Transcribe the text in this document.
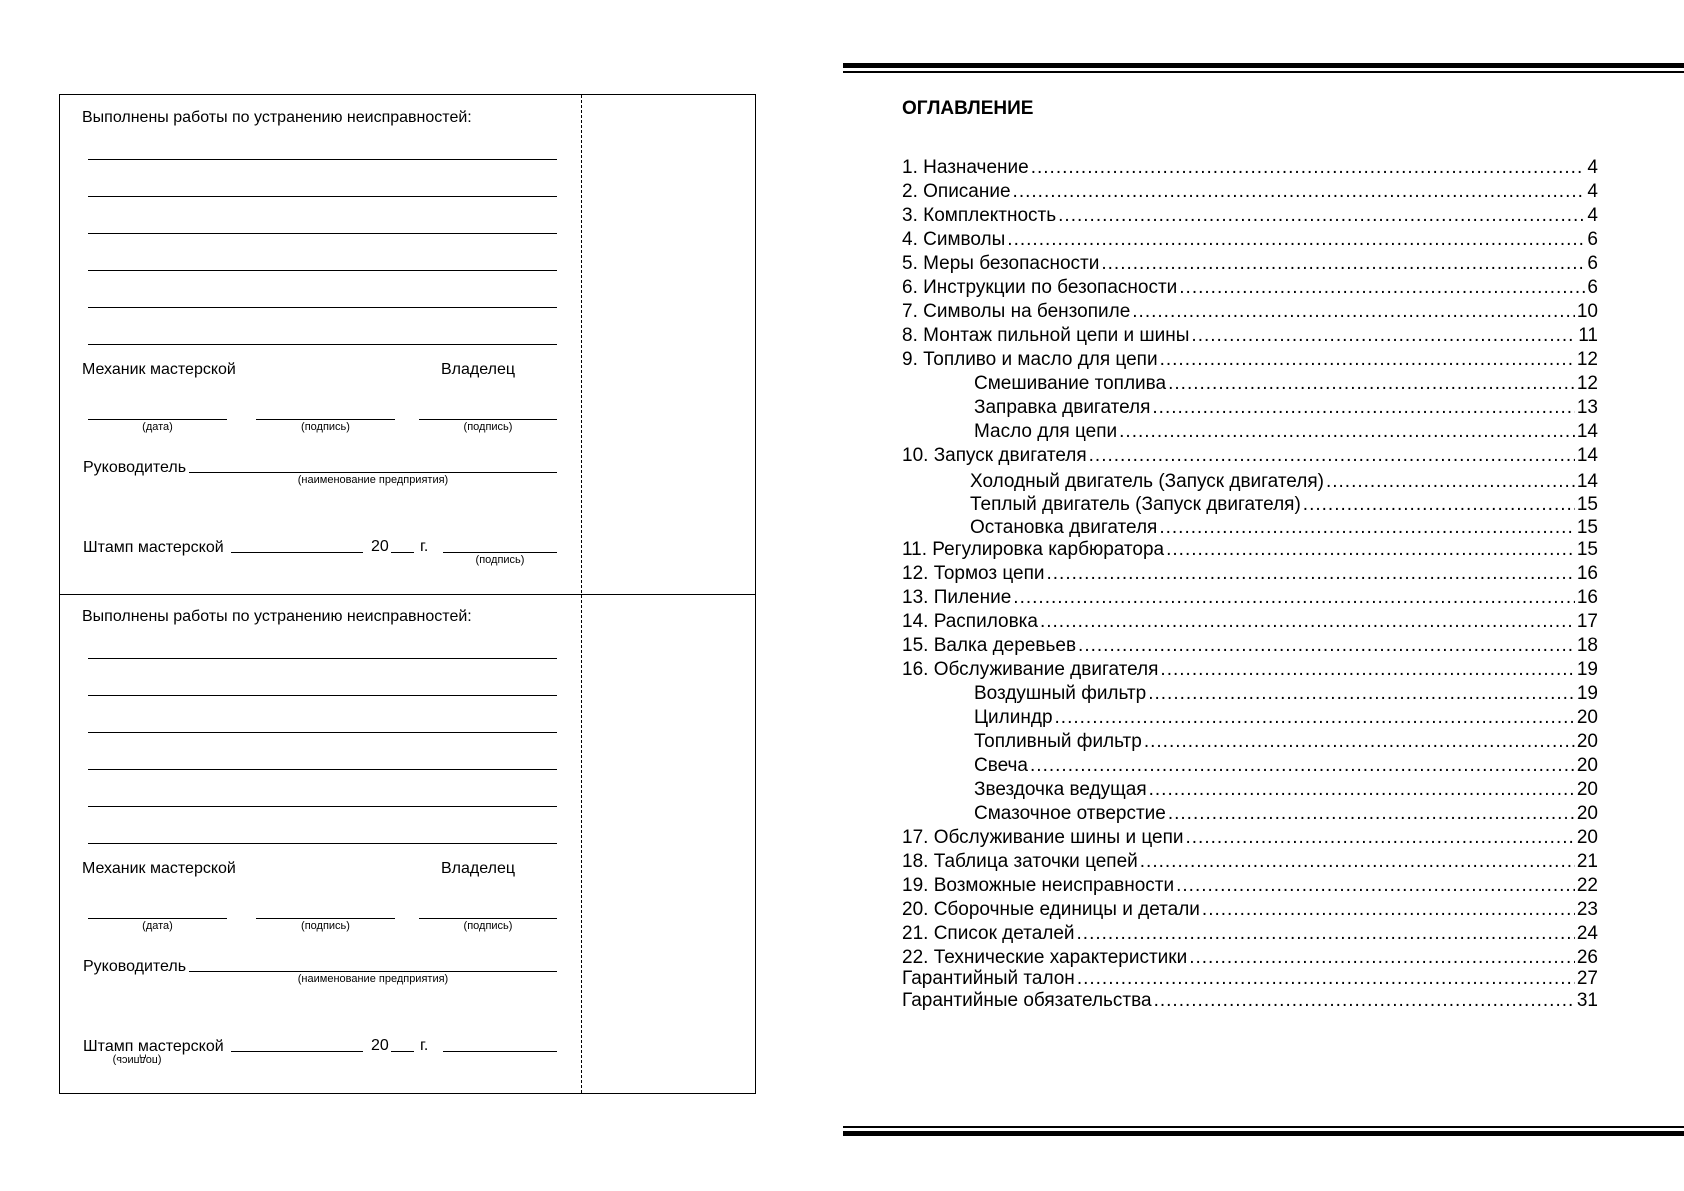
Выполнены работы по устранению неисправностей:
Механик мастерской	Владелец
(дата)	(подпись)	(подпись)
Руководитель
(наименование предприятия)
Штамп мастерской	20 г.
(подпись)
Выполнены работы по устранению неисправностей:
Механик мастерской	Владелец
(дата)	(подпись)	(подпись)
Руководитель
(наименование предприятия)
Штамп мастерской	20 г.
(подпись)
ОГЛАВЛЕНИЕ
1. Назначение .....	4
2. Описание .....	4
3. Комплектность .....	4
4. Символы .....	6
5. Меры безопасности .....	6
6. Инструкции по безопасности .....	6
7. Символы на бензопиле .....	10
8. Монтаж пильной цепи и шины .....	11
9. Топливо и масло для цепи .....	12
Смешивание топлива .....	12
Заправка двигателя .....	13
Масло для цепи .....	14
10. Запуск двигателя .....	14
Холодный двигатель (Запуск двигателя) .....	14
Теплый двигатель (Запуск двигателя) .....	15
Остановка двигателя .....	15
11. Регулировка карбюратора .....	15
12. Тормоз цепи .....	16
13. Пиление .....	16
14. Распиловка .....	17
15. Валка деревьев .....	18
16. Обслуживание двигателя .....	19
Воздушный фильтр .....	19
Цилиндр .....	20
Топливный фильтр .....	20
Свеча .....	20
Звездочка ведущая .....	20
Смазочное отверстие .....	20
17. Обслуживание шины и цепи .....	20
18. Таблица заточки цепей .....	21
19. Возможные неисправности .....	22
20. Сборочные единицы и детали .....	23
21. Список деталей .....	24
22. Технические характеристики .....	26
Гарантийный талон .....	27
Гарантийные обязательства .....	31
